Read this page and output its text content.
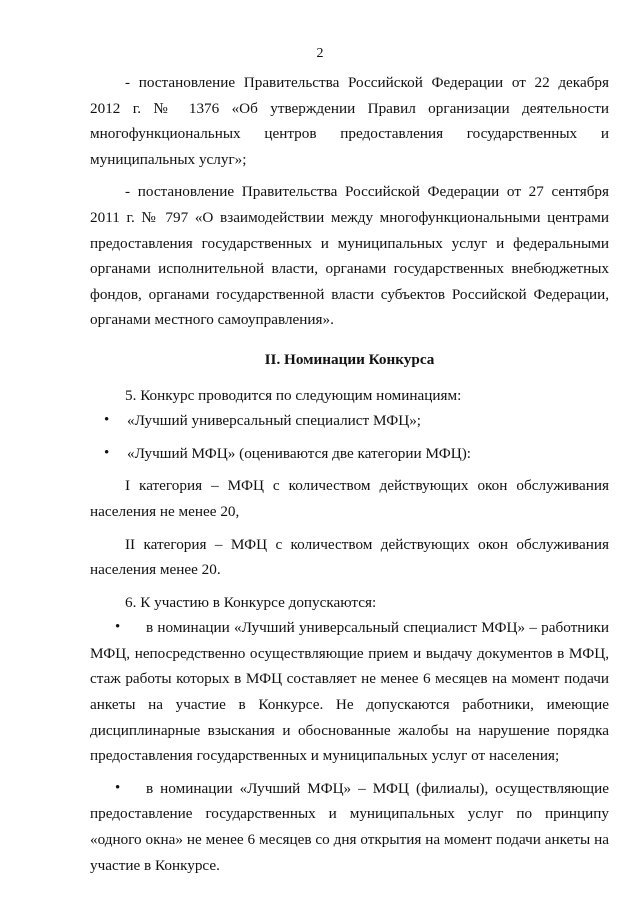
2

- постановление Правительства Российской Федерации от 22 декабря 2012 г. № 1376 «Об утверждении Правил организации деятельности многофункциональных центров предоставления государственных и муниципальных услуг»;

- постановление Правительства Российской Федерации от 27 сентября 2011 г. № 797 «О взаимодействии между многофункциональными центрами предоставления государственных и муниципальных услуг и федеральными органами исполнительной власти, органами государственных внебюджетных фондов, органами государственной власти субъектов Российской Федерации, органами местного самоуправления».

II. Номинации Конкурса

5. Конкурс проводится по следующим номинациям:

• «Лучший универсальный специалист МФЦ»;

• «Лучший МФЦ» (оцениваются две категории МФЦ):

I категория – МФЦ с количеством действующих окон обслуживания населения не менее 20,

II категория – МФЦ с количеством действующих окон обслуживания населения менее 20.

6. К участию в Конкурсе допускаются:

• в номинации «Лучший универсальный специалист МФЦ» – работники МФЦ, непосредственно осуществляющие прием и выдачу документов в МФЦ, стаж работы которых в МФЦ составляет не менее 6 месяцев на момент подачи анкеты на участие в Конкурсе. Не допускаются работники, имеющие дисциплинарные взыскания и обоснованные жалобы на нарушение порядка предоставления государственных и муниципальных услуг от населения;

• в номинации «Лучший МФЦ» – МФЦ (филиалы), осуществляющие предоставление государственных и муниципальных услуг по принципу «одного окна» не менее 6 месяцев со дня открытия на момент подачи анкеты на участие в Конкурсе.
